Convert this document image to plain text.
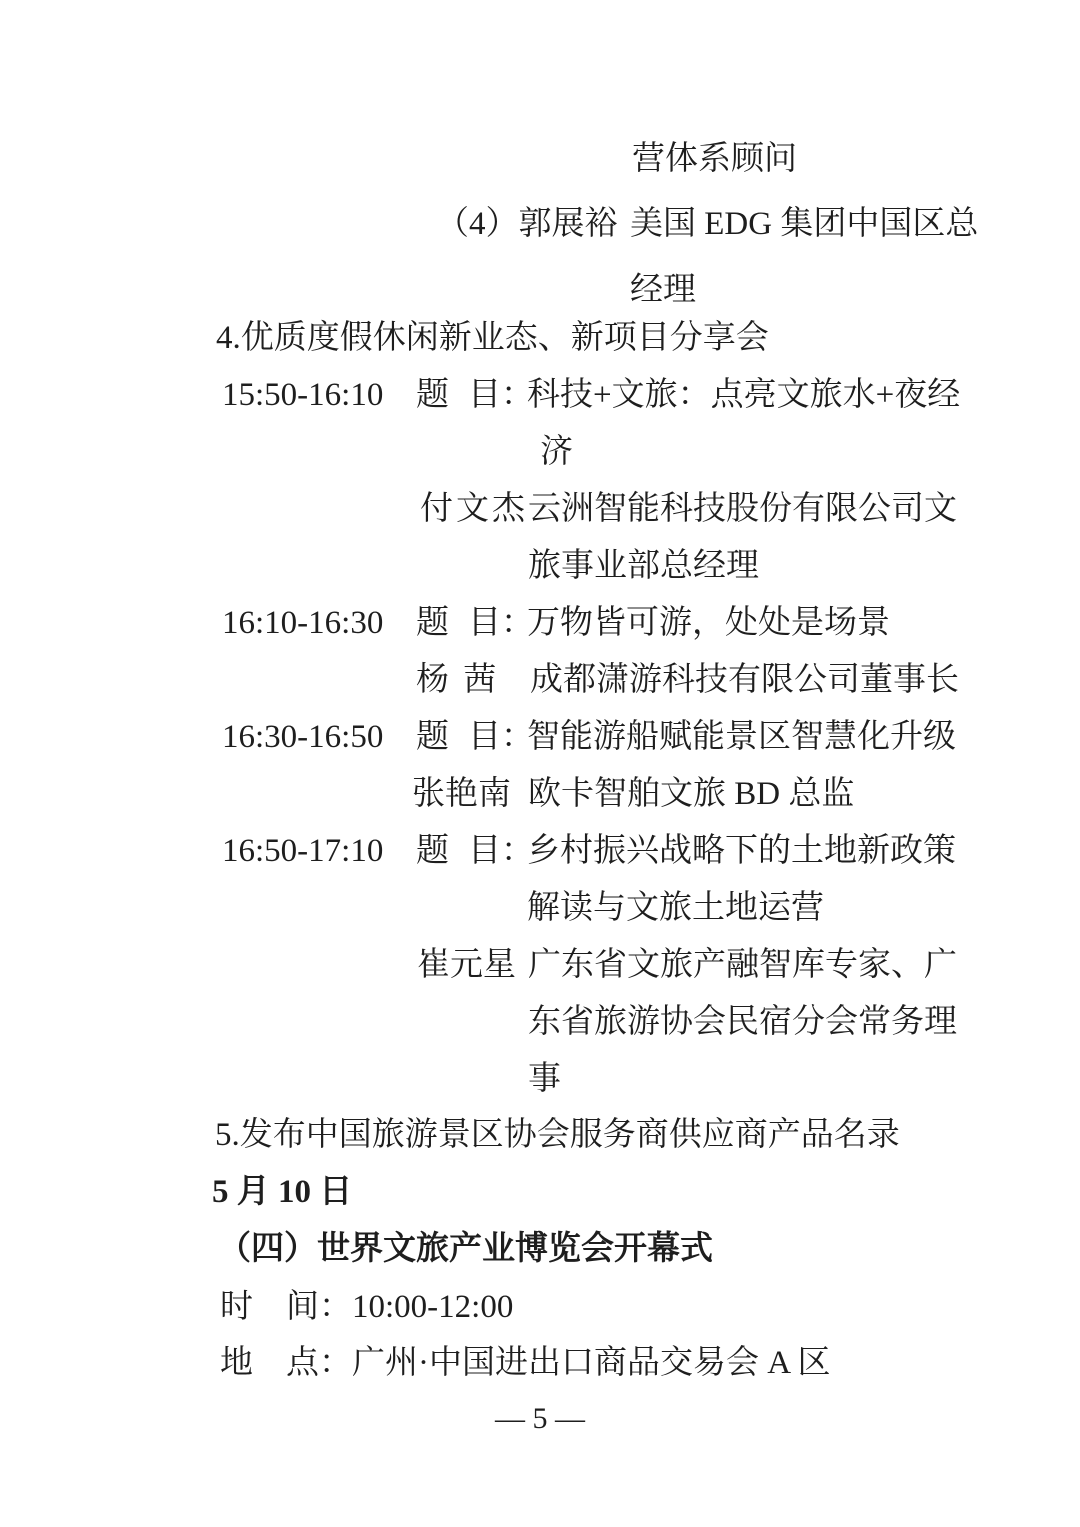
营体系顾问
（4）郭展裕 美国 EDG 集团中国区总
经理
4.优质度假休闲新业态、新项目分享会
15:50-16:10 题 目：
科技+文旅：点亮文旅水+夜经
济
付文杰 云洲智能科技股份有限公司文
旅事业部总经理
16:10-16:30 题 目：
万物皆可游，处处是场景
杨 茜 成都潇游科技有限公司董事长
16:30-16:50 题 目：
智能游船赋能景区智慧化升级
张艳南 欧卡智舶文旅 BD 总监
16:50-17:10 题 目：
乡村振兴战略下的土地新政策
解读与文旅土地运营
崔元星 广东省文旅产融智库专家、广
东省旅游协会民宿分会常务理
事
5.发布中国旅游景区协会服务商供应商产品名录
5 月 10 日
（四）世界文旅产业博览会开幕式
时　间：10:00-12:00
地　点：广州·中国进出口商品交易会 A 区
— 5 —
